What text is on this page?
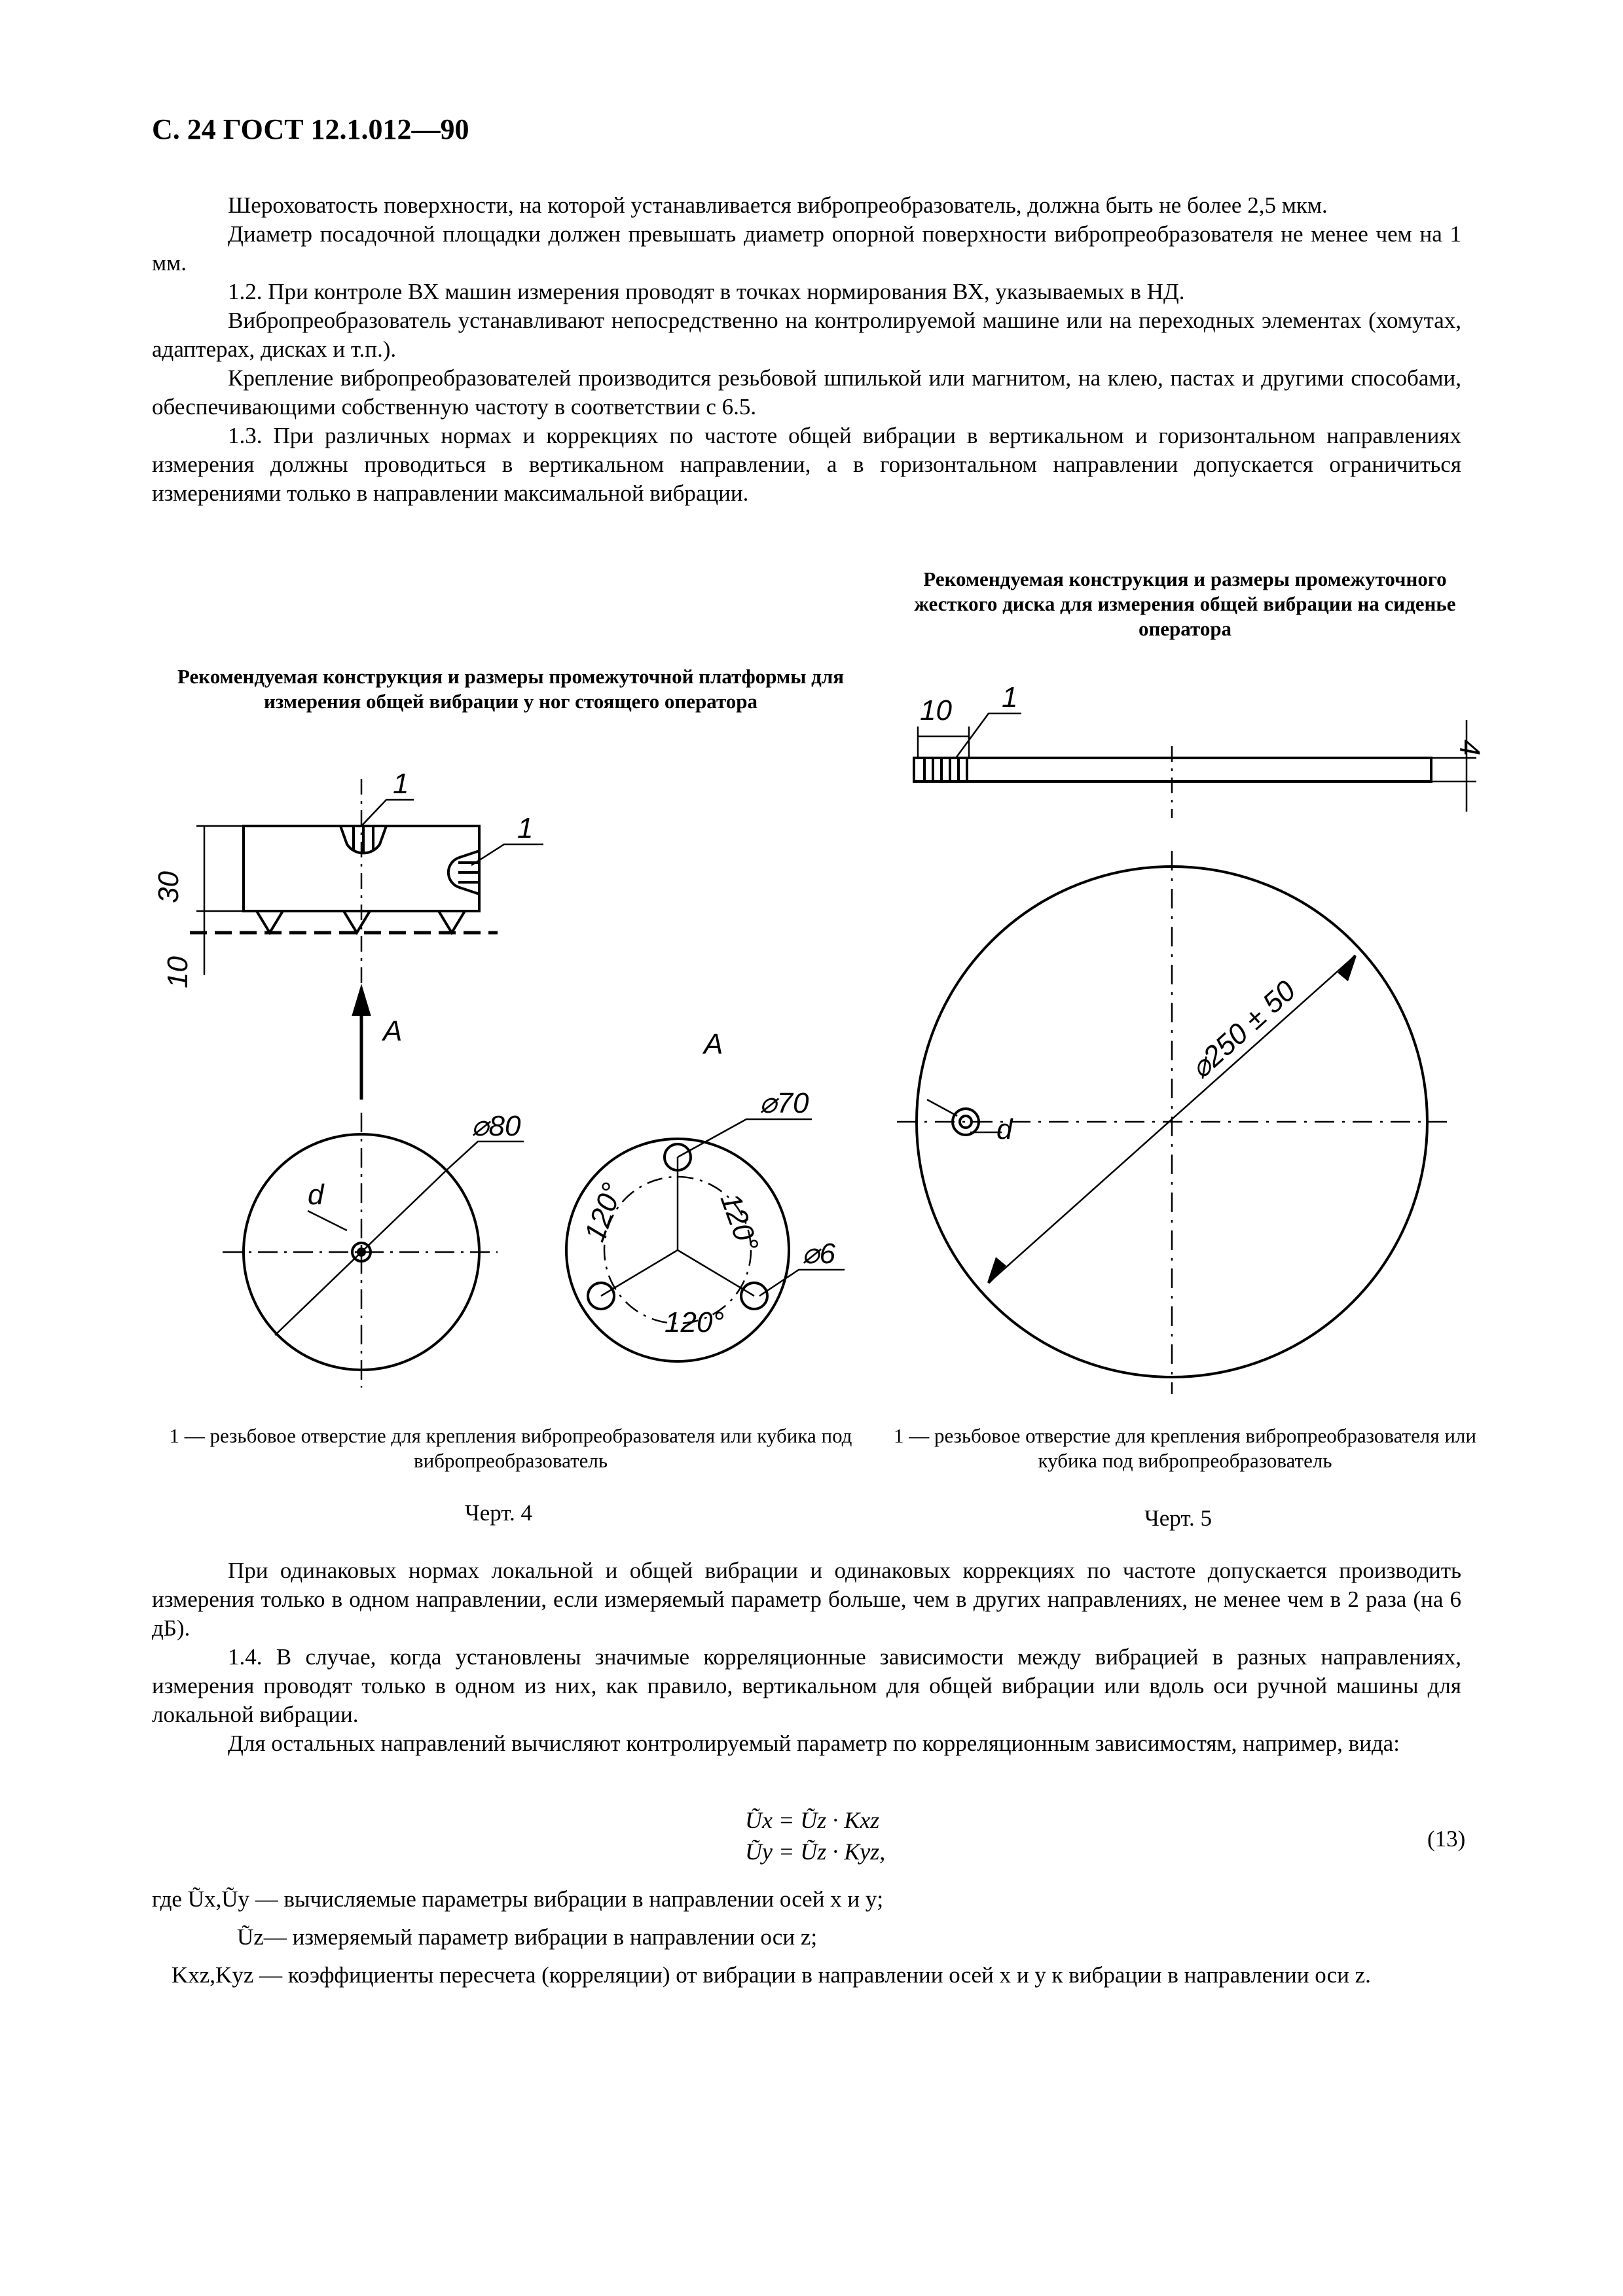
С. 24 ГОСТ 12.1.012—90

Шероховатость поверхности, на которой устанавливается вибропреобразователь, должна быть не более 2,5 мкм.

Диаметр посадочной площадки должен превышать диаметр опорной поверхности вибропреобразователя не менее чем на 1 мм.

1.2. При контроле ВХ машин измерения проводят в точках нормирования ВХ, указываемых в НД.

Вибропреобразователь устанавливают непосредственно на контролируемой машине или на переходных элементах (хомутах, адаптерах, дисках и т.п.).

Крепление вибропреобразователей производится резьбовой шпилькой или магнитом, на клею, пастах и другими способами, обеспечивающими собственную частоту в соответствии с 6.5.

1.3. При различных нормах и коррекциях по частоте общей вибрации в вертикальном и горизонтальном направлениях измерения должны проводиться в вертикальном направлении, а в горизонтальном направлении допускается ограничиться измерениями только в направлении максимальной вибрации.

Рекомендуемая конструкция и размеры промежуточной платформы для измерения общей вибрации у ног стоящего оператора
Рекомендуемая конструкция и размеры промежуточного жесткого диска для измерения общей вибрации на сиденье оператора
30
10
1
1
А	A
d
⌀80
⌀70
⌀6
120°	120°
120°
10
4
1
⌀250 ± 50
d
1 — резьбовое отверстие для крепления вибропреобразователя или кубика под вибропреобразователь
1 — резьбовое отверстие для крепления вибропреобразователя или кубика под вибропреобразователь
Черт. 4	Черт. 5

При одинаковых нормах локальной и общей вибрации и одинаковых коррекциях по частоте допускается производить измерения только в одном направлении, если измеряемый параметр больше, чем в других направлениях, не менее чем в 2 раза (на 6 дБ).

1.4. В случае, когда установлены значимые корреляционные зависимости между вибрацией в разных направлениях, измерения проводят только в одном из них, как правило, вертикальном для общей вибрации или вдоль оси ручной машины для локальной вибрации.

Для остальных направлений вычисляют контролируемый параметр по корреляционным зависимостям, например, вида:

Ũx = Ũz · Kxz
Ũy = Ũz · Kyz,	(13)
где Ũx,Ũy — вычисляемые параметры вибрации в направлении осей x и y;
Ũz— измеряемый параметр вибрации в направлении оси z;
Kxz,Kyz — коэффициенты пересчета (корреляции) от вибрации в направлении осей x и y к вибрации в направлении оси z.
